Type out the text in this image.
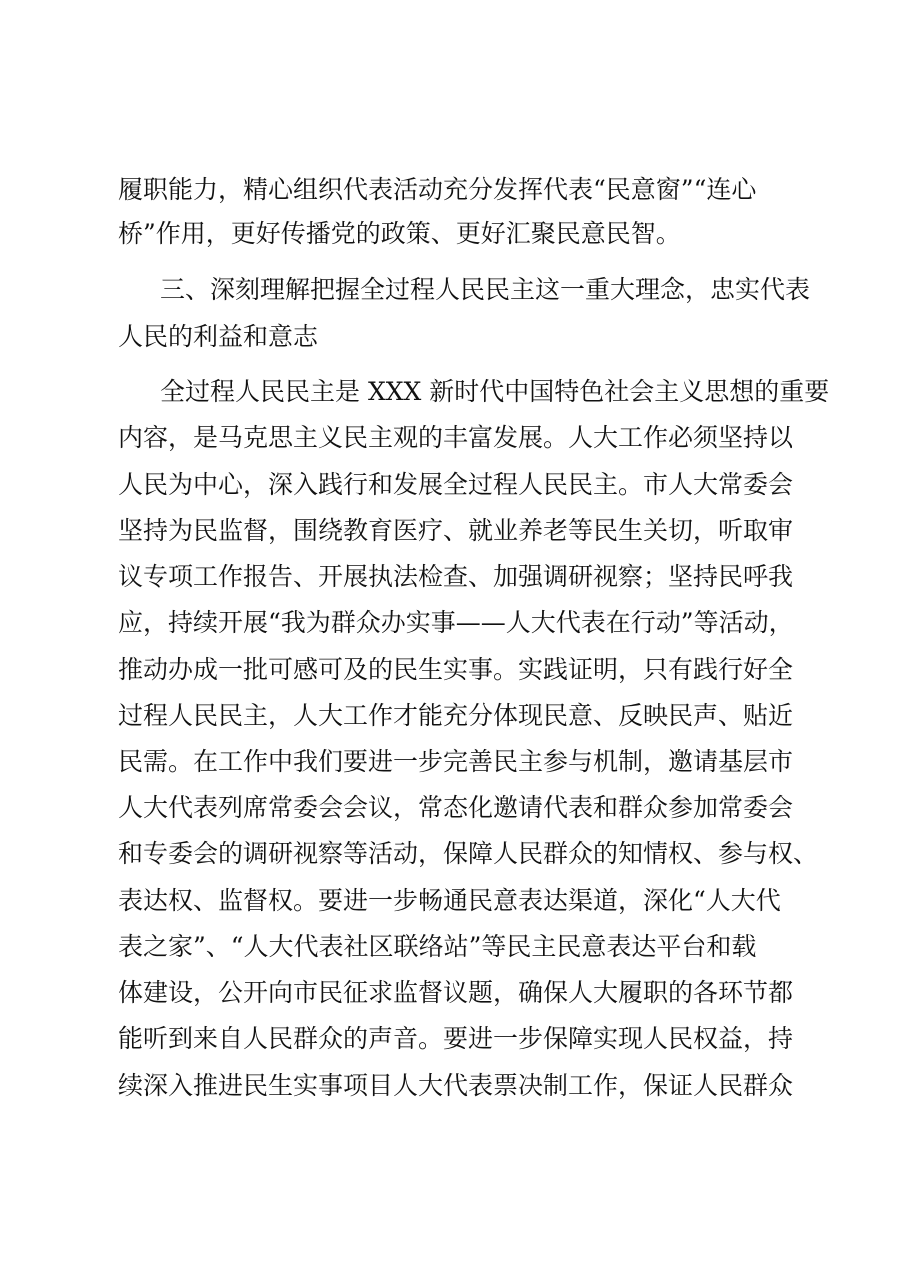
履职能力，精心组织代表活动充分发挥代表“民意窗”“连心
桥”作用，更好传播党的政策、更好汇聚民意民智。
三、深刻理解把握全过程人民民主这一重大理念，忠实代表
人民的利益和意志
全过程人民民主是 XXX 新时代中国特色社会主义思想的重要
内容，是马克思主义民主观的丰富发展。人大工作必须坚持以
人民为中心，深入践行和发展全过程人民民主。市人大常委会
坚持为民监督，围绕教育医疗、就业养老等民生关切，听取审
议专项工作报告、开展执法检查、加强调研视察；坚持民呼我
应，持续开展“我为群众办实事——人大代表在行动”等活动，
推动办成一批可感可及的民生实事。实践证明，只有践行好全
过程人民民主，人大工作才能充分体现民意、反映民声、贴近
民需。在工作中我们要进一步完善民主参与机制，邀请基层市
人大代表列席常委会会议，常态化邀请代表和群众参加常委会
和专委会的调研视察等活动，保障人民群众的知情权、参与权、
表达权、监督权。要进一步畅通民意表达渠道，深化“人大代
表之家”、“人大代表社区联络站”等民主民意表达平台和载
体建设，公开向市民征求监督议题，确保人大履职的各环节都
能听到来自人民群众的声音。要进一步保障实现人民权益，持
续深入推进民生实事项目人大代表票决制工作，保证人民群众
